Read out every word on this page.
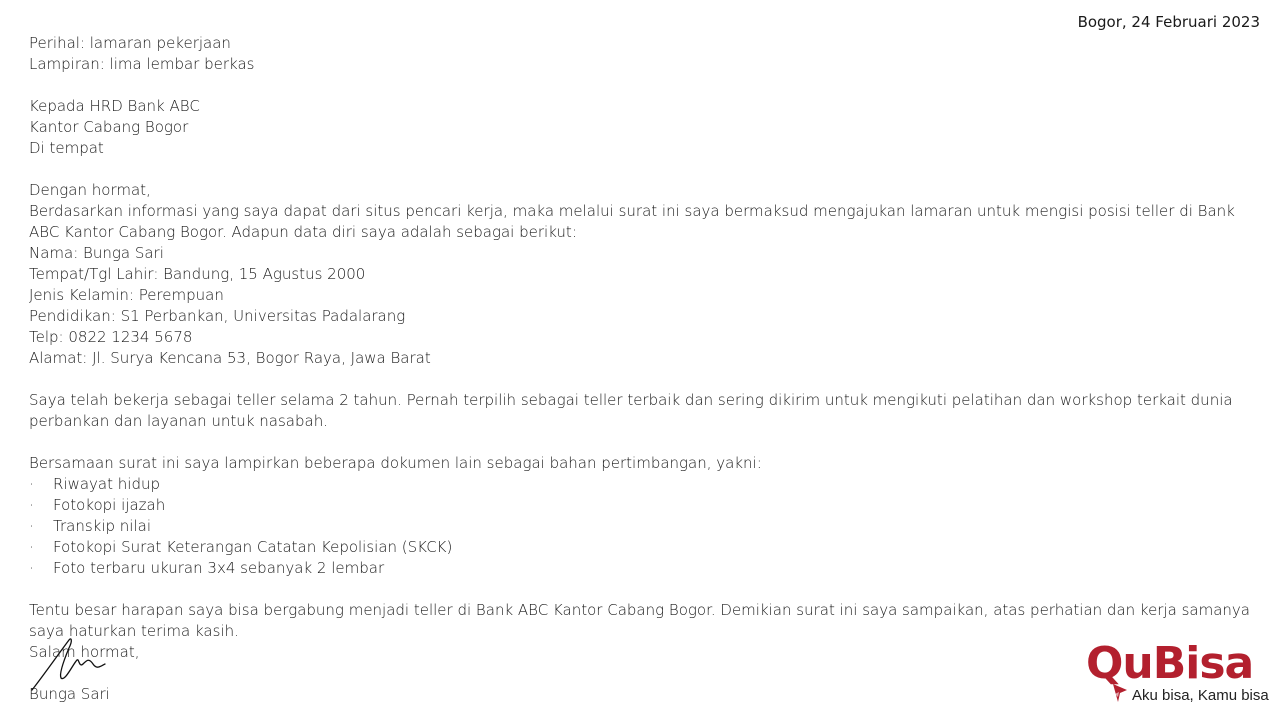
Bogor, 24 Februari 2023
Perihal: lamaran pekerjaan
Lampiran: lima lembar berkas
Kepada HRD Bank ABC
Kantor Cabang Bogor
Di tempat
Dengan hormat,
Berdasarkan informasi yang saya dapat dari situs pencari kerja, maka melalui surat ini saya bermaksud mengajukan lamaran untuk mengisi posisi teller di Bank ABC Kantor Cabang Bogor. Adapun data diri saya adalah sebagai berikut:
Nama: Bunga Sari
Tempat/Tgl Lahir: Bandung, 15 Agustus 2000
Jenis Kelamin: Perempuan
Pendidikan: S1 Perbankan, Universitas Padalarang
Telp: 0822 1234 5678
Alamat: Jl. Surya Kencana 53, Bogor Raya, Jawa Barat
Saya telah bekerja sebagai teller selama 2 tahun. Pernah terpilih sebagai teller terbaik dan sering dikirim untuk mengikuti pelatihan dan workshop terkait dunia perbankan dan layanan untuk nasabah.
Bersamaan surat ini saya lampirkan beberapa dokumen lain sebagai bahan pertimbangan, yakni:
·	Riwayat hidup
·	Fotokopi ijazah
·	Transkip nilai
·	Fotokopi Surat Keterangan Catatan Kepolisian (SKCK)
·	Foto terbaru ukuran 3x4 sebanyak 2 lembar
Tentu besar harapan saya bisa bergabung menjadi teller di Bank ABC Kantor Cabang Bogor. Demikian surat ini saya sampaikan, atas perhatian dan kerja samanya saya haturkan terima kasih.
Salam hormat,
Bunga Sari
QuBisa
Aku bisa, Kamu bisa
